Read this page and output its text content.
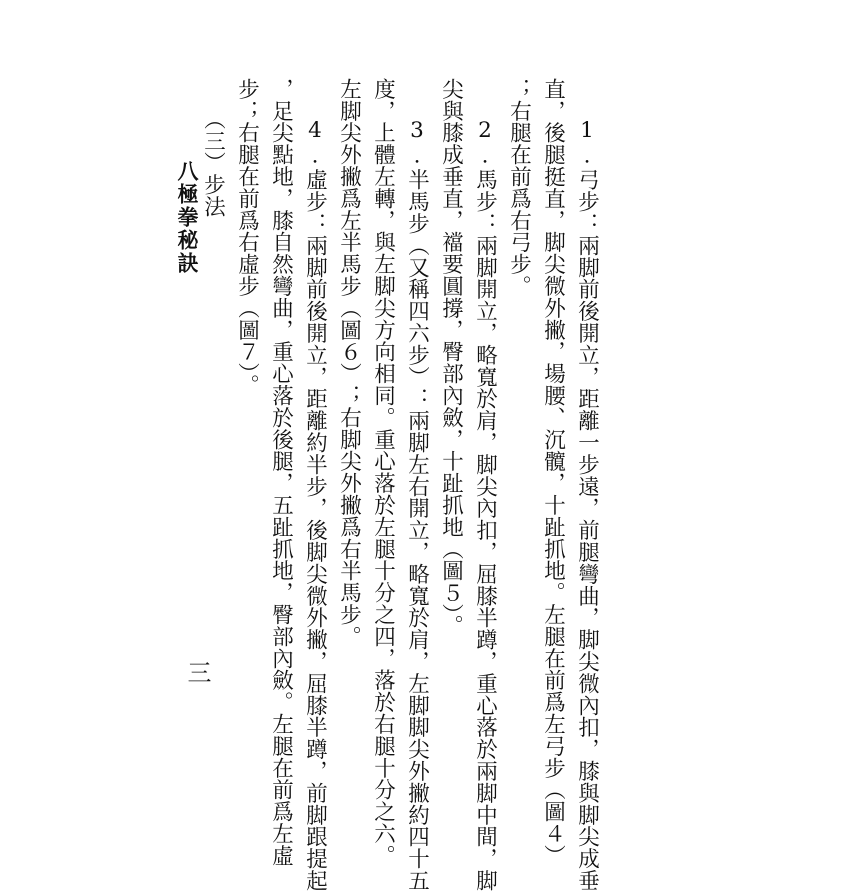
1.弓步：兩脚前後開立，距離一步遠，前腿彎曲，脚尖微內扣，膝與脚尖成垂
直，後腿挺直，脚尖微外撇，場腰、沉髖，十趾抓地。左腿在前爲左弓步（圖４）
；右腿在前爲右弓步。
2.馬步：兩脚開立，略寬於肩，脚尖內扣，屈膝半蹲，重心落於兩脚中間，脚
尖與膝成垂直，襠要圓撐，臀部內斂，十趾抓地（圖５）。
3.半馬步（又稱四六步）：兩脚左右開立，略寬於肩，左脚脚尖外撇約四十五
度，上體左轉，與左脚尖方向相同。重心落於左腿十分之四，落於右腿十分之六。
左脚尖外撇爲左半馬步（圖６）；右脚尖外撇爲右半馬步。
4.虛步：兩脚前後開立，距離約半步，後脚尖微外撇，屈膝半蹲，前脚跟提起
，足尖點地，膝自然彎曲，重心落於後腿，五趾抓地，臀部內斂。左腿在前爲左虛
步；右腿在前爲右虛步（圖７）。
（三）步法
八極拳秘訣
三
